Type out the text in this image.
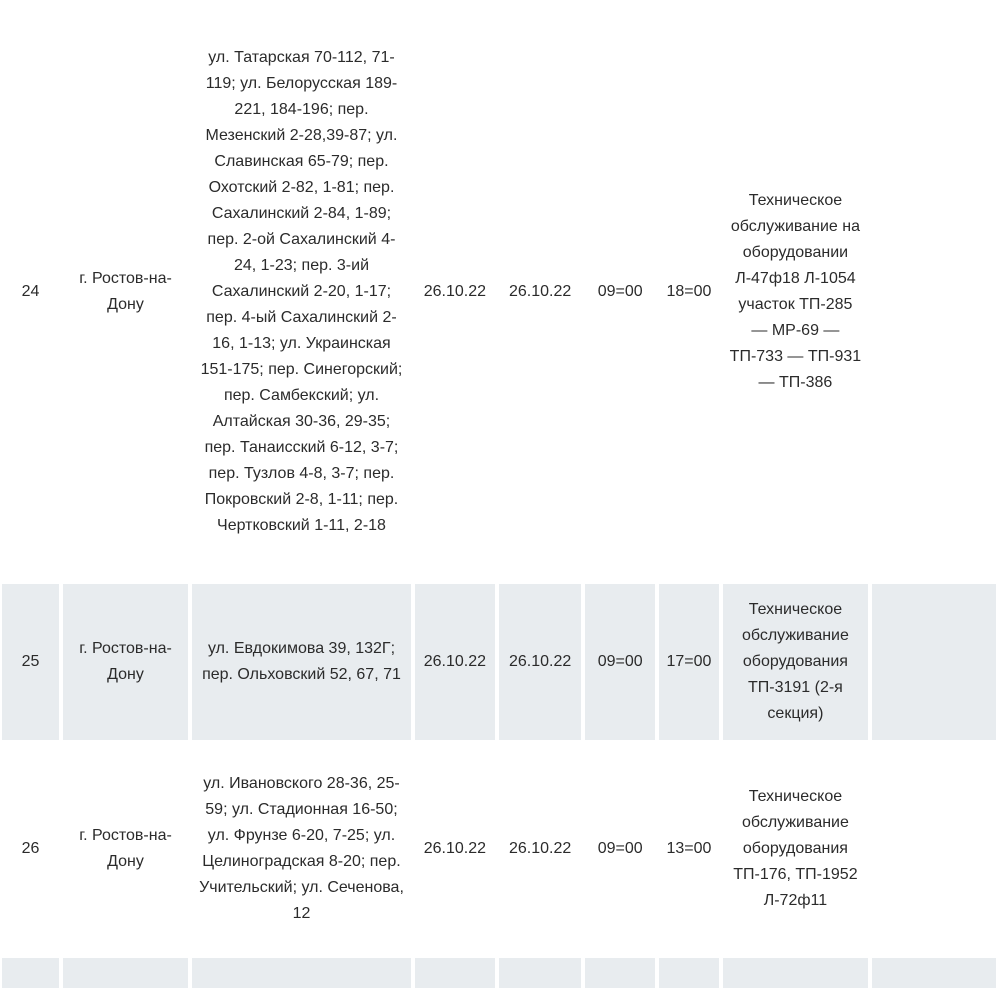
24	г. Ростов-на-Дону	ул. Татарская 70-112, 71-119; ул. Белорусская 189-221, 184-196; пер. Мезенский 2-28,39-87; ул. Славинская 65-79; пер. Охотский 2-82, 1-81; пер. Сахалинский 2-84, 1-89; пер. 2-ой Сахалинский 4-24, 1-23; пер. 3-ий Сахалинский 2-20, 1-17; пер. 4-ый Сахалинский 2-16, 1-13; ул. Украинская 151-175; пер. Синегорский; пер. Самбекский; ул. Алтайская 30-36, 29-35; пер. Танаисский 6-12, 3-7; пер. Тузлов 4-8, 3-7; пер. Покровский 2-8, 1-11; пер. Чертковский 1-11, 2-18	26.10.22	26.10.22	09=00	18=00	Техническое обслуживание на оборудовании Л-47ф18 Л-1054 участок ТП-285 — МР-69 — ТП-733 — ТП-931 — ТП-386	

25	г. Ростов-на-Дону	ул. Евдокимова 39, 132Г; пер. Ольховский 52, 67, 71	26.10.22	26.10.22	09=00	17=00	Техническое обслуживание оборудования ТП-3191 (2-я секция)	

26	г. Ростов-на-Дону	ул. Ивановского 28-36, 25-59; ул. Стадионная 16-50; ул. Фрунзе 6-20, 7-25; ул. Целиноградская 8-20; пер. Учительский; ул. Сеченова, 12	26.10.22	26.10.22	09=00	13=00	Техническое обслуживание оборудования ТП-176, ТП-1952 Л-72ф11	
